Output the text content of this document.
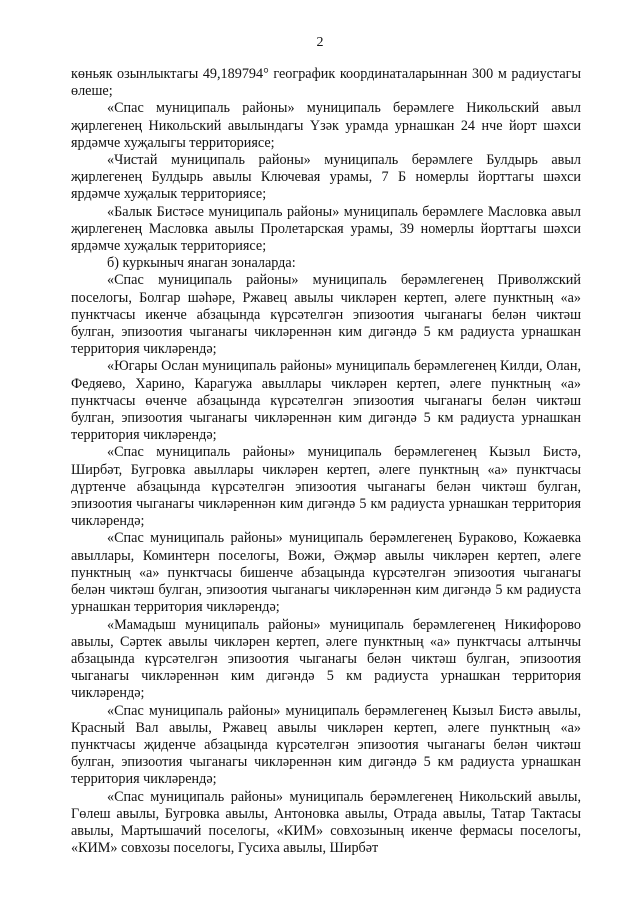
2

көньяк озынлыктагы 49,189794° географик координаталарыннан 300 м радиустагы өлеше;

«Спас муниципаль районы» муниципаль берәмлеге Никольский авыл җирлегенең Никольский авылындагы Үзәк урамда урнашкан 24 нче йорт шәхси ярдәмче хуҗалыгы территориясе;

«Чистай муниципаль районы» муниципаль берәмлеге Булдырь авыл җирлегенең Булдырь авылы Ключевая урамы, 7 Б номерлы йорттагы шәхси ярдәмче хуҗалык территориясе;

«Балык Бистәсе муниципаль районы» муниципаль берәмлеге Масловка авыл җирлегенең Масловка авылы Пролетарская урамы, 39 номерлы йорттагы шәхси ярдәмче хуҗалык территориясе;

б) куркыныч янаган зоналарда:

«Спас муниципаль районы» муниципаль берәмлегенең Приволжский поселогы, Болгар шәһәре, Ржавец авылы чикләрен кертеп, әлеге пунктның «а» пунктчасы икенче абзацында күрсәтелгән эпизоотия чыганагы белән чиктәш булган, эпизоотия чыганагы чикләреннән ким дигәндә 5 км радиуста урнашкан территория чикләрендә;

«Югары Ослан муниципаль районы» муниципаль берәмлегенең Килди, Олан, Федяево, Харино, Карагужа авыллары чикләрен кертеп, әлеге пунктның «а» пунктчасы өченче абзацында күрсәтелгән эпизоотия чыганагы белән чиктәш булган, эпизоотия чыганагы чикләреннән ким дигәндә 5 км радиуста урнашкан территория чикләрендә;

«Спас муниципаль районы» муниципаль берәмлегенең Кызыл Бистә, Ширбәт, Бугровка авыллары чикләрен кертеп, әлеге пунктның «а» пунктчасы дүртенче абзацында күрсәтелгән эпизоотия чыганагы белән чиктәш булган, эпизоотия чыганагы чикләреннән ким дигәндә 5 км радиуста урнашкан территория чикләрендә;

«Спас муниципаль районы» муниципаль берәмлегенең Бураково, Кожаевка авыллары, Коминтерн поселогы, Вожи, Әҗмәр авылы чикләрен кертеп, әлеге пунктның «а» пунктчасы бишенче абзацында күрсәтелгән эпизоотия чыганагы белән чиктәш булган, эпизоотия чыганагы чикләреннән ким дигәндә 5 км радиуста урнашкан территория чикләрендә;

«Мамадыш муниципаль районы» муниципаль берәмлегенең Никифорово авылы, Сәртек авылы чикләрен кертеп, әлеге пунктның «а» пунктчасы алтынчы абзацында күрсәтелгән эпизоотия чыганагы белән чиктәш булган, эпизоотия чыганагы чикләреннән ким дигәндә 5 км радиуста урнашкан территория чикләрендә;

«Спас муниципаль районы» муниципаль берәмлегенең Кызыл Бистә авылы, Красный Вал авылы, Ржавец авылы чикләрен кертеп, әлеге пунктның «а» пунктчасы җиденче абзацында күрсәтелгән эпизоотия чыганагы белән чиктәш булган, эпизоотия чыганагы чикләреннән ким дигәндә 5 км радиуста урнашкан территория чикләрендә;

«Спас муниципаль районы» муниципаль берәмлегенең Никольский авылы, Гөлеш авылы, Бугровка авылы, Антоновка авылы, Отрада авылы, Татар Тактасы авылы, Мартышачий поселогы, «КИМ» совхозының икенче фермасы поселогы, «КИМ» совхозы поселогы, Гусиха авылы, Ширбәт
